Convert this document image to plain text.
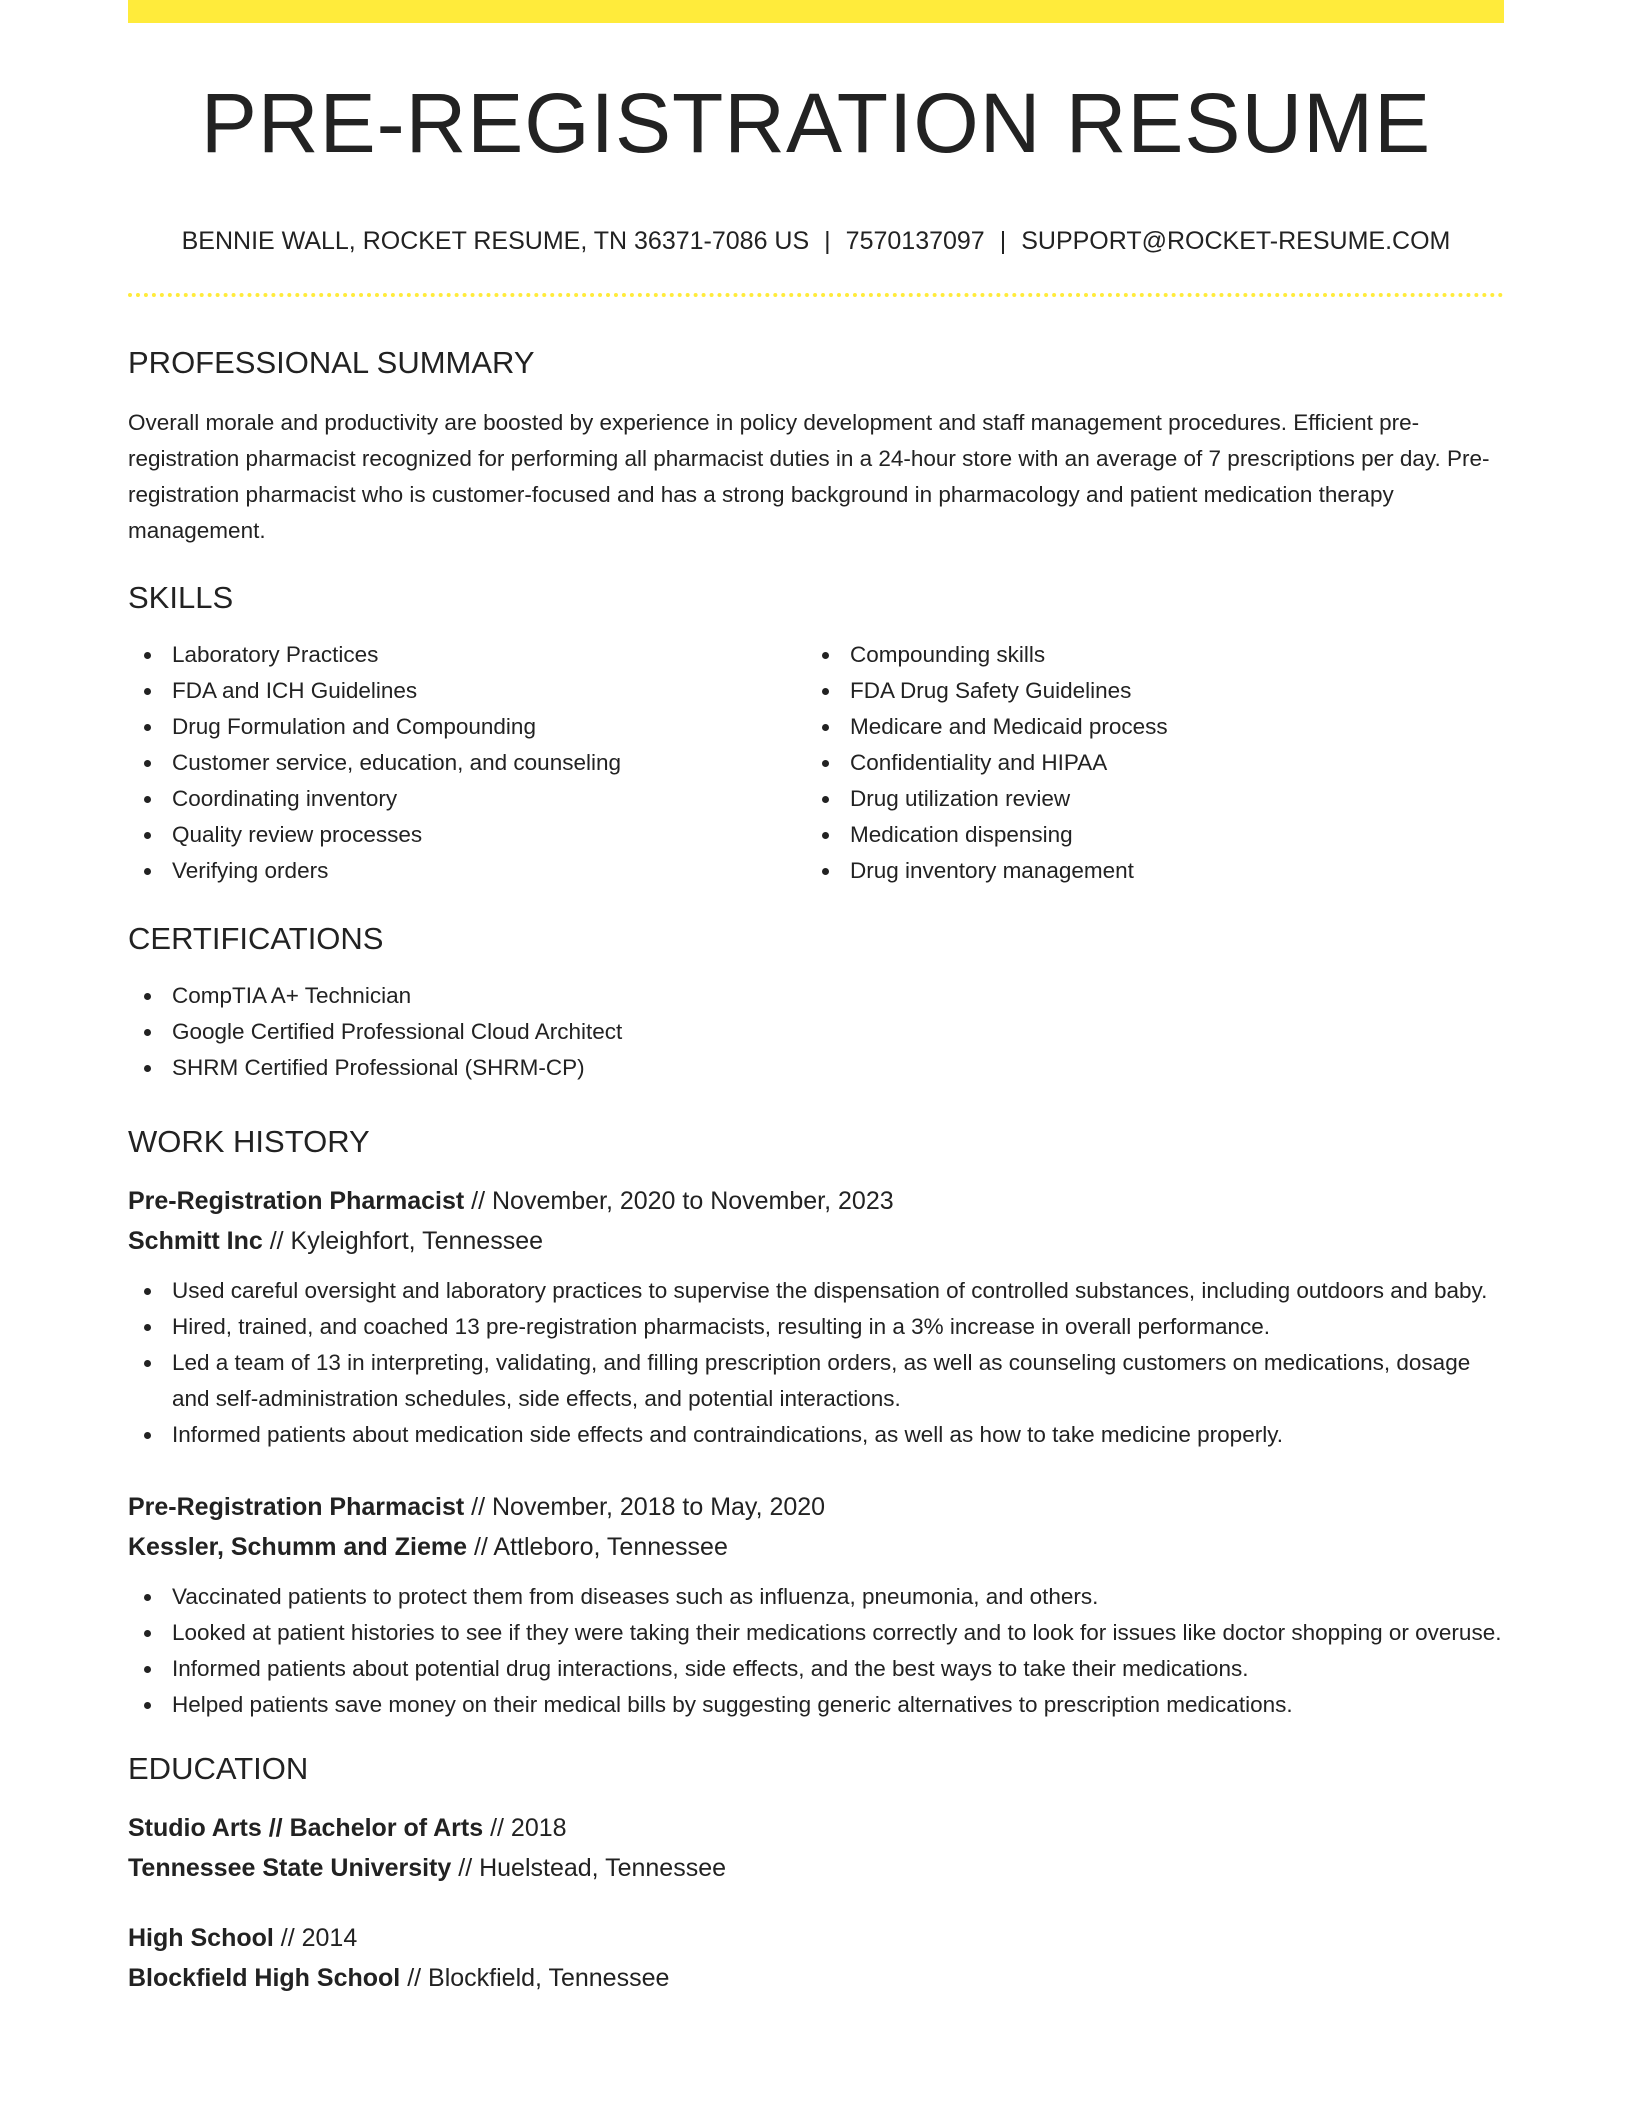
PRE-REGISTRATION RESUME
BENNIE WALL, ROCKET RESUME, TN 36371-7086 US | 7570137097 | SUPPORT@ROCKET-RESUME.COM
PROFESSIONAL SUMMARY

Overall morale and productivity are boosted by experience in policy development and staff management procedures. Efficient pre-registration pharmacist recognized for performing all pharmacist duties in a 24-hour store with an average of 7 prescriptions per day. Pre-registration pharmacist who is customer-focused and has a strong background in pharmacology and patient medication therapy management.

SKILLS
Laboratory Practices
FDA and ICH Guidelines
Drug Formulation and Compounding
Customer service, education, and counseling
Coordinating inventory
Quality review processes
Verifying orders
Compounding skills
FDA Drug Safety Guidelines
Medicare and Medicaid process
Confidentiality and HIPAA
Drug utilization review
Medication dispensing
Drug inventory management
CERTIFICATIONS
CompTIA A+ Technician
Google Certified Professional Cloud Architect
SHRM Certified Professional (SHRM-CP)
WORK HISTORY
Pre-Registration Pharmacist // November, 2020 to November, 2023
Schmitt Inc // Kyleighfort, Tennessee
Used careful oversight and laboratory practices to supervise the dispensation of controlled substances, including outdoors and baby.
Hired, trained, and coached 13 pre-registration pharmacists, resulting in a 3% increase in overall performance.
Led a team of 13 in interpreting, validating, and filling prescription orders, as well as counseling customers on medications, dosage and self-administration schedules, side effects, and potential interactions.
Informed patients about medication side effects and contraindications, as well as how to take medicine properly.
Pre-Registration Pharmacist // November, 2018 to May, 2020
Kessler, Schumm and Zieme // Attleboro, Tennessee
Vaccinated patients to protect them from diseases such as influenza, pneumonia, and others.
Looked at patient histories to see if they were taking their medications correctly and to look for issues like doctor shopping or overuse.
Informed patients about potential drug interactions, side effects, and the best ways to take their medications.
Helped patients save money on their medical bills by suggesting generic alternatives to prescription medications.
EDUCATION
Studio Arts // Bachelor of Arts // 2018
Tennessee State University // Huelstead, Tennessee
High School // 2014
Blockfield High School // Blockfield, Tennessee
